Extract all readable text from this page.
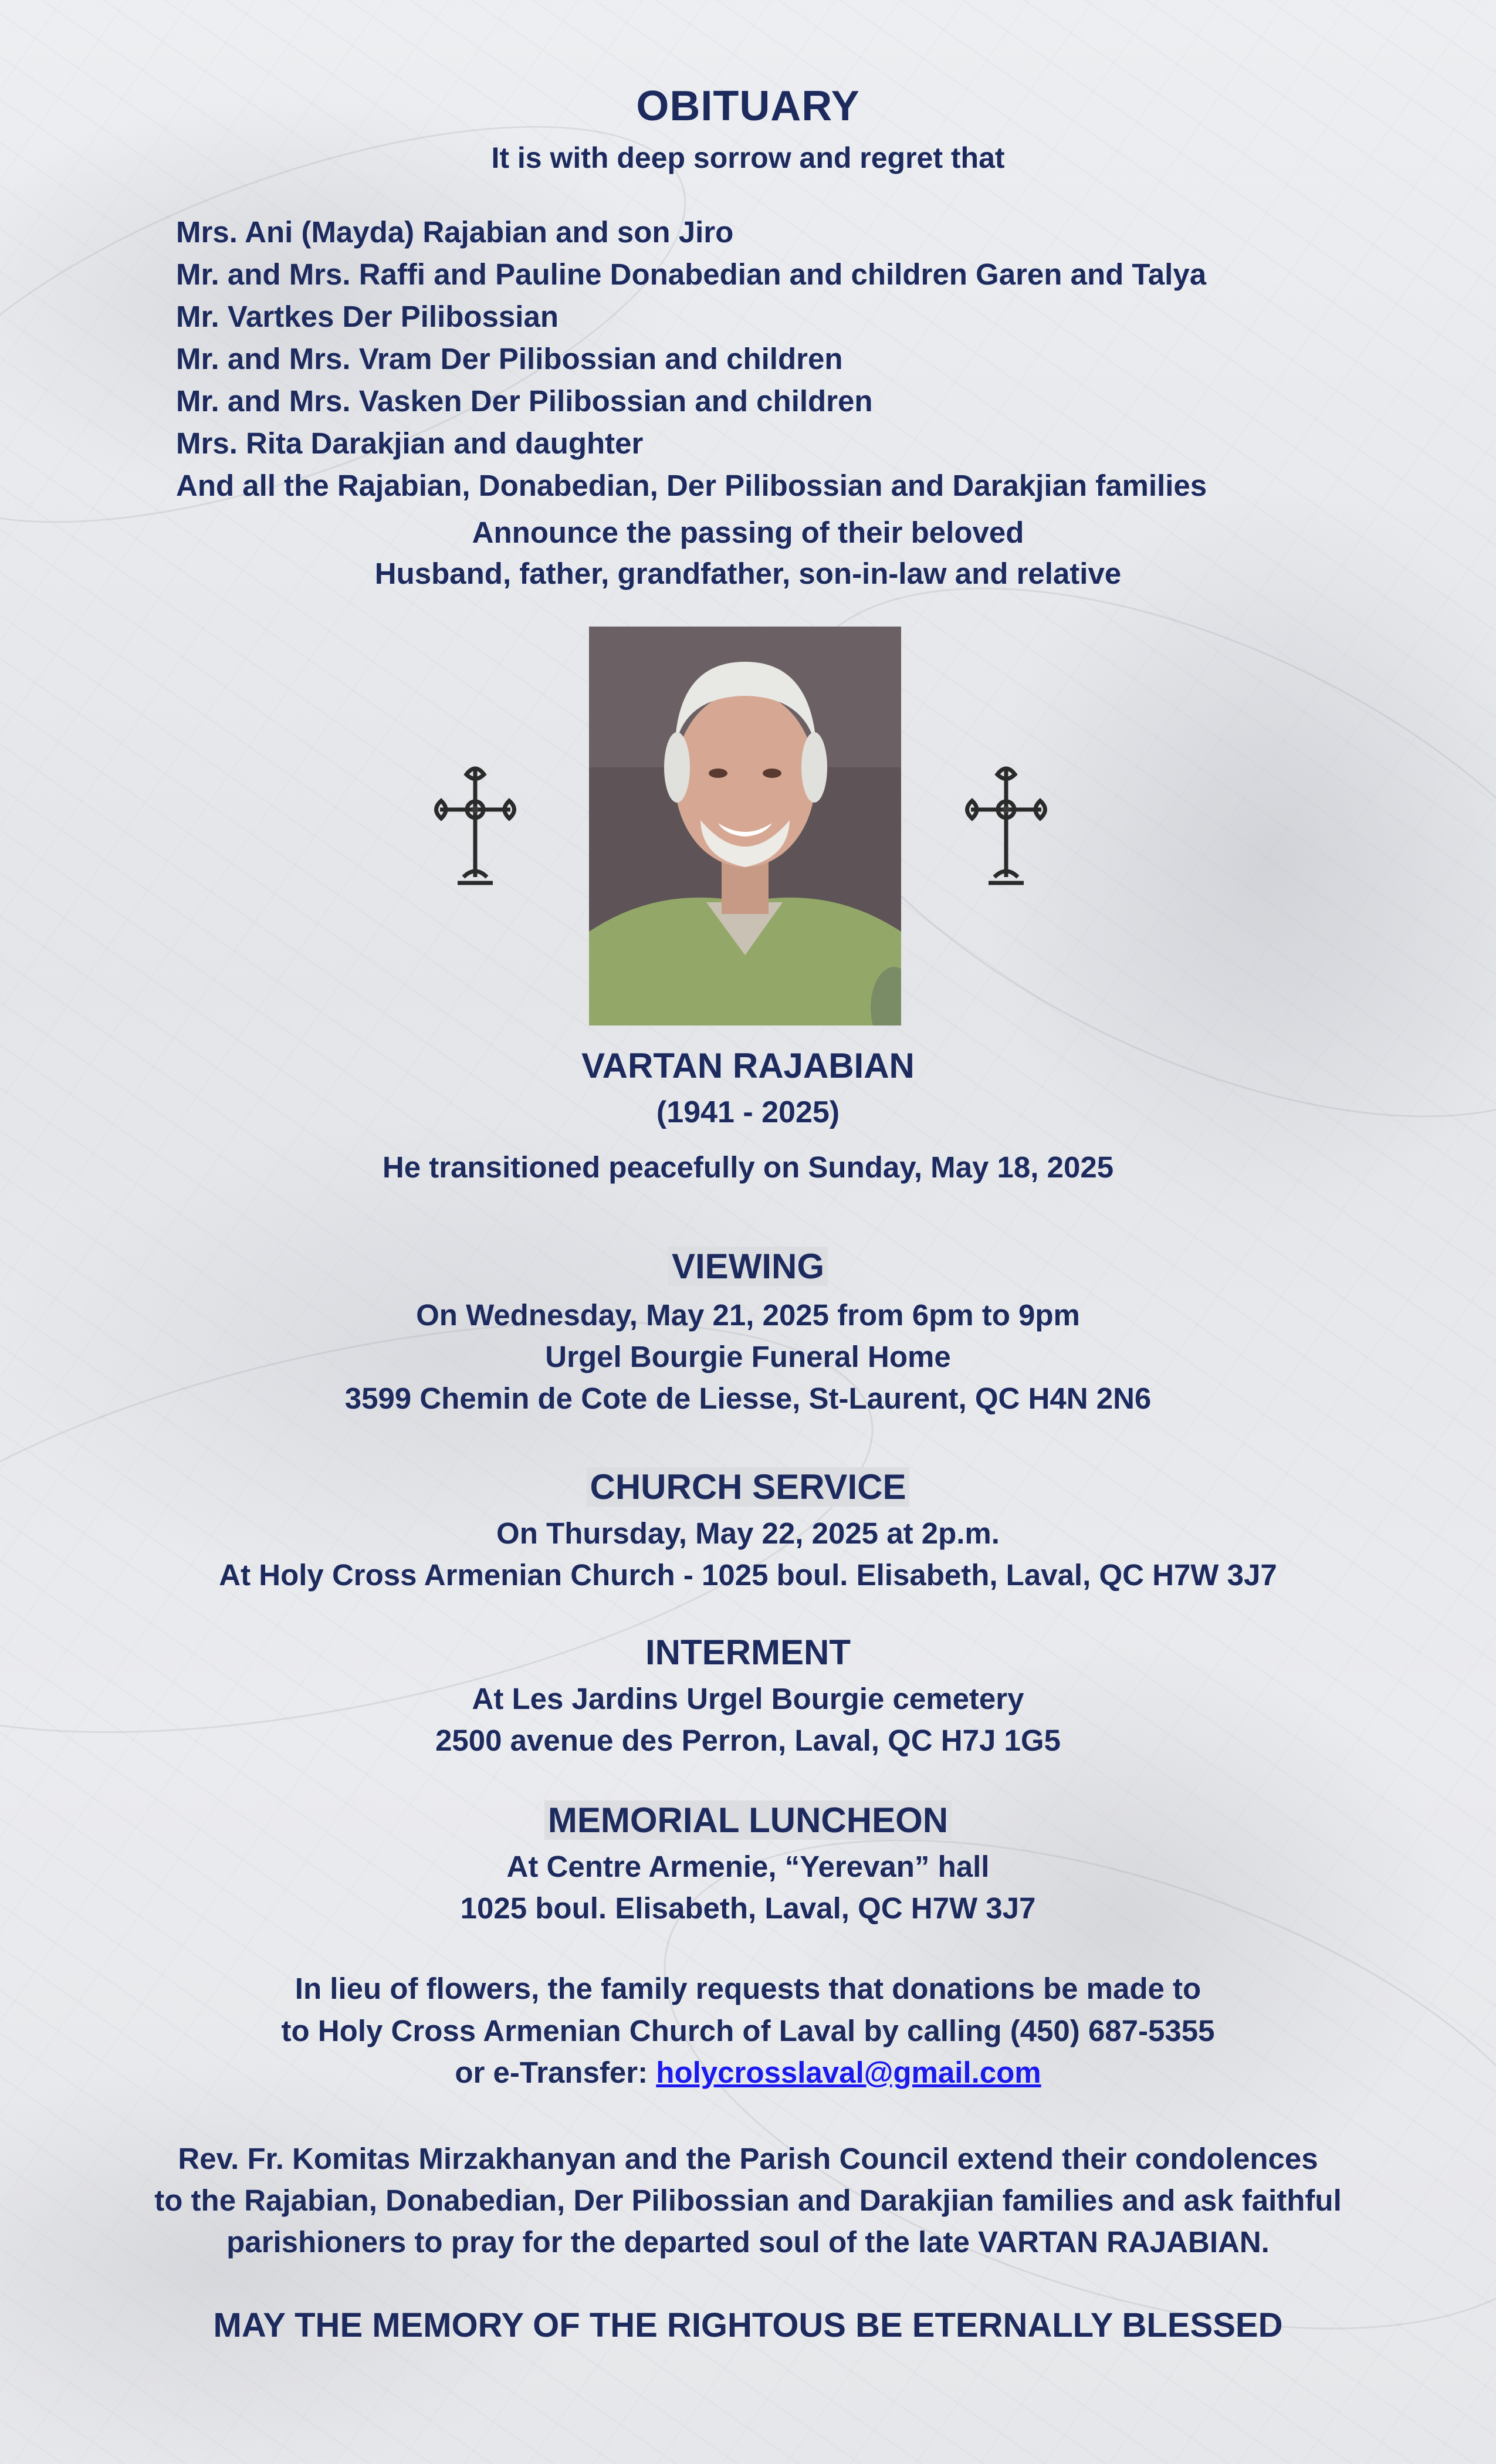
OBITUARY
It is with deep sorrow and regret that
Mrs. Ani (Mayda) Rajabian and son Jiro
Mr. and Mrs. Raffi and Pauline Donabedian and children Garen and Talya
Mr. Vartkes Der Pilibossian
Mr. and Mrs. Vram Der Pilibossian and children
Mr. and Mrs. Vasken Der Pilibossian and children
Mrs. Rita Darakjian and daughter
And all the Rajabian, Donabedian, Der Pilibossian and Darakjian families
Announce the passing of their beloved
Husband, father, grandfather, son-in-law and relative
VARTAN RAJABIAN
(1941 - 2025)
He transitioned peacefully on Sunday, May 18, 2025
VIEWING
On Wednesday, May 21, 2025 from 6pm to 9pm
Urgel Bourgie Funeral Home
3599 Chemin de Cote de Liesse, St-Laurent, QC H4N 2N6
CHURCH SERVICE
On Thursday, May 22, 2025 at 2p.m.
At Holy Cross Armenian Church - 1025 boul. Elisabeth, Laval, QC H7W 3J7
INTERMENT
At Les Jardins Urgel Bourgie cemetery
2500 avenue des Perron, Laval, QC H7J 1G5
MEMORIAL LUNCHEON
At Centre Armenie, “Yerevan” hall
1025 boul. Elisabeth, Laval, QC H7W 3J7
In lieu of flowers, the family requests that donations be made to
to Holy Cross Armenian Church of Laval by calling (450) 687-5355
or e-Transfer: holycrosslaval@gmail.com
Rev. Fr. Komitas Mirzakhanyan and the Parish Council extend their condolences
to the Rajabian, Donabedian, Der Pilibossian and Darakjian families and ask faithful
parishioners to pray for the departed soul of the late VARTAN RAJABIAN.
MAY THE MEMORY OF THE RIGHTOUS BE ETERNALLY BLESSED
